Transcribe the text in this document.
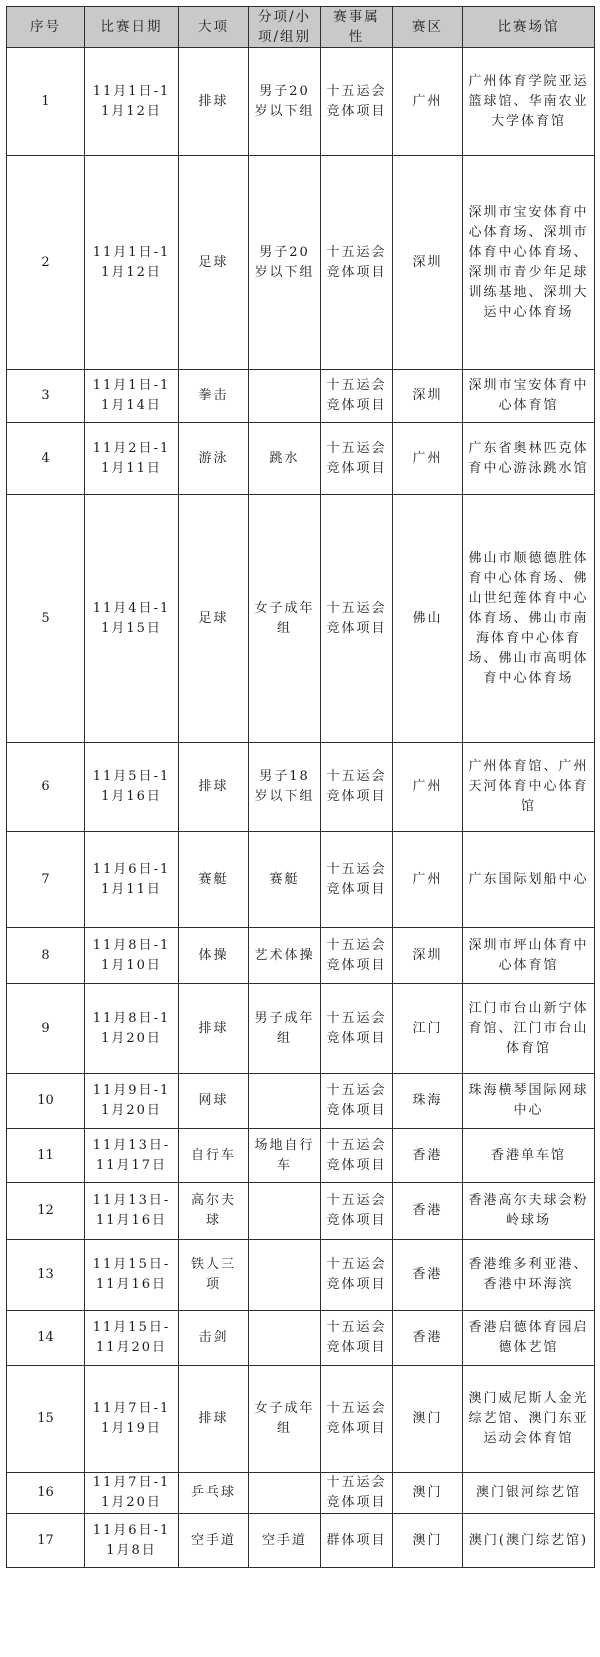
序号	比赛日期	大项	分项/小项/组别	赛事属性	赛区	比赛场馆
1	11月1日-11月12日	排球	男子20岁以下组	十五运会竞体项目	广州	广州体育学院亚运篮球馆、华南农业大学体育馆
2	11月1日-11月12日	足球	男子20岁以下组	十五运会竞体项目	深圳	深圳市宝安体育中心体育场、深圳市体育中心体育场、深圳市青少年足球训练基地、深圳大运中心体育场
3	11月1日-11月14日	拳击		十五运会竞体项目	深圳	深圳市宝安体育中心体育馆
4	11月2日-11月11日	游泳	跳水	十五运会竞体项目	广州	广东省奥林匹克体育中心游泳跳水馆
5	11月4日-11月15日	足球	女子成年组	十五运会竞体项目	佛山	佛山市顺德德胜体育中心体育场、佛山世纪莲体育中心体育场、佛山市南海体育中心体育场、佛山市高明体育中心体育场
6	11月5日-11月16日	排球	男子18岁以下组	十五运会竞体项目	广州	广州体育馆、广州天河体育中心体育馆
7	11月6日-11月11日	赛艇	赛艇	十五运会竞体项目	广州	广东国际划船中心
8	11月8日-11月10日	体操	艺术体操	十五运会竞体项目	深圳	深圳市坪山体育中心体育馆
9	11月8日-11月20日	排球	男子成年组	十五运会竞体项目	江门	江门市台山新宁体育馆、江门市台山体育馆
10	11月9日-11月20日	网球		十五运会竞体项目	珠海	珠海横琴国际网球中心
11	11月13日-11月17日	自行车	场地自行车	十五运会竞体项目	香港	香港单车馆
12	11月13日-11月16日	高尔夫球		十五运会竞体项目	香港	香港高尔夫球会粉岭球场
13	11月15日-11月16日	铁人三项		十五运会竞体项目	香港	香港维多利亚港、香港中环海滨
14	11月15日-11月20日	击剑		十五运会竞体项目	香港	香港启德体育园启德体艺馆
15	11月7日-11月19日	排球	女子成年组	十五运会竞体项目	澳门	澳门威尼斯人金光综艺馆、澳门东亚运动会体育馆
16	11月7日-11月20日	乒乓球		十五运会竞体项目	澳门	澳门银河综艺馆
17	11月6日-11月8日	空手道	空手道	群体项目	澳门	澳门(澳门综艺馆)
